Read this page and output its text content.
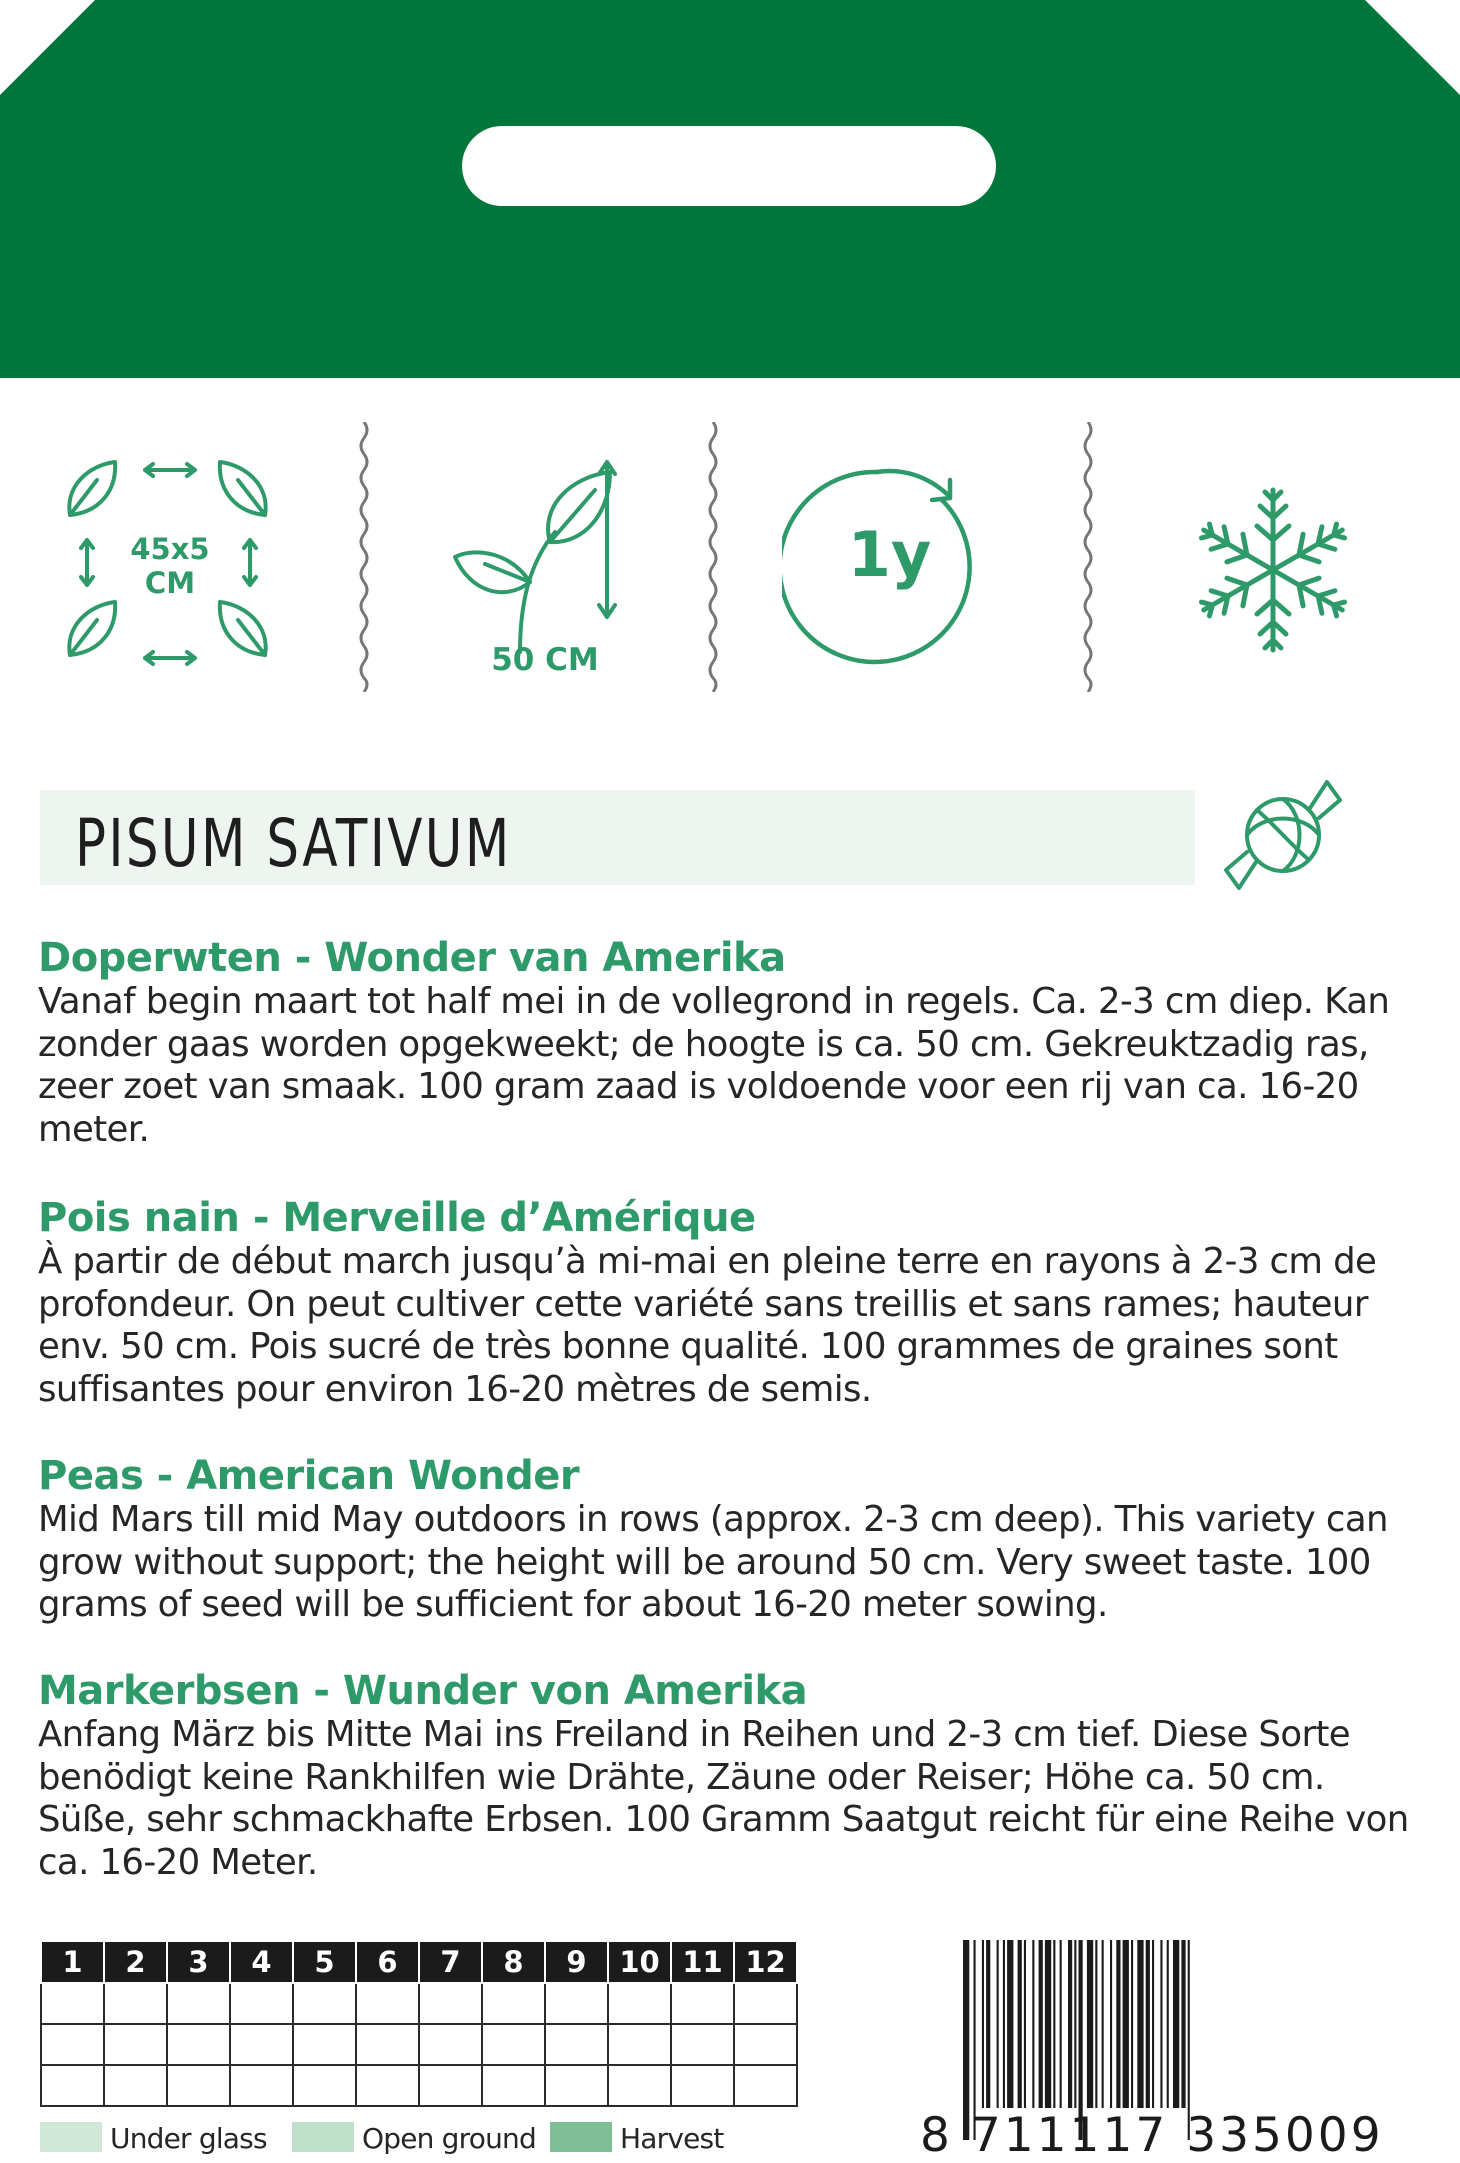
45x5
CM
50 CM
1y
PISUM SATIVUM
Doperwten - Wonder van Amerika

Vanaf begin maart tot half mei in de vollegrond in regels. Ca. 2-3 cm diep. Kan zonder gaas worden opgekweekt; de hoogte is ca. 50 cm. Gekreuktzadig ras, zeer zoet van smaak. 100 gram zaad is voldoende voor een rij van ca. 16-20 meter.

Pois nain - Merveille d’Amérique

À partir de début march jusqu’à mi-mai en pleine terre en rayons à 2-3 cm de profondeur. On peut cultiver cette variété sans treillis et sans rames; hauteur env. 50 cm. Pois sucré de très bonne qualité. 100 grammes de graines sont suffisantes pour environ 16-20 mètres de semis.

Peas - American Wonder

Mid Mars till mid May outdoors in rows (approx. 2-3 cm deep). This variety can grow without support; the height will be around 50 cm. Very sweet taste. 100 grams of seed will be sufficient for about 16-20 meter sowing.

Markerbsen - Wunder von Amerika

Anfang März bis Mitte Mai ins Freiland in Reihen und 2-3 cm tief. Diese Sorte benödigt keine Rankhilfen wie Drähte, Zäune oder Reiser; Höhe ca. 50 cm. Süße, sehr schmackhafte Erbsen. 100 Gramm Saatgut reicht für eine Reihe von ca. 16-20 Meter.

1	2	3	4	5	6	7	8	9	10	11	12

Under glass	Open ground	Harvest	8 711117 335009
